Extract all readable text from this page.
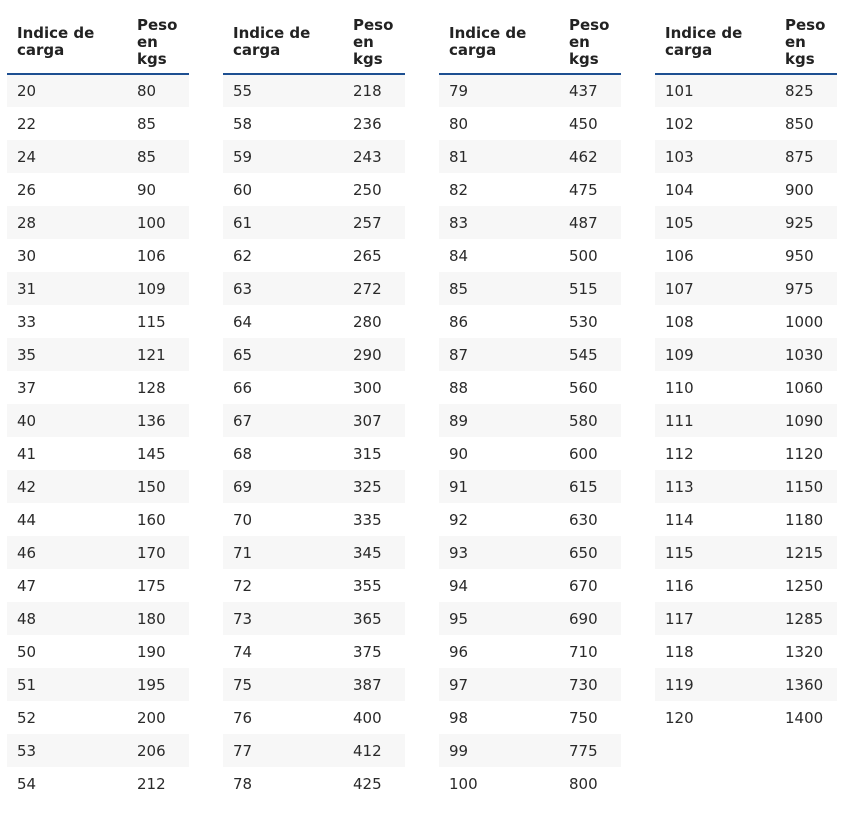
Indice de
carga	Peso
en
kgs
20	80
22	85
24	85
26	90
28	100
30	106
31	109
33	115
35	121
37	128
40	136
41	145
42	150
44	160
46	170
47	175
48	180
50	190
51	195
52	200
53	206
54	212
Indice de
carga	Peso
en
kgs
55	218
58	236
59	243
60	250
61	257
62	265
63	272
64	280
65	290
66	300
67	307
68	315
69	325
70	335
71	345
72	355
73	365
74	375
75	387
76	400
77	412
78	425
Indice de
carga	Peso
en
kgs
79	437
80	450
81	462
82	475
83	487
84	500
85	515
86	530
87	545
88	560
89	580
90	600
91	615
92	630
93	650
94	670
95	690
96	710
97	730
98	750
99	775
100	800
Indice de
carga	Peso
en
kgs
101	825
102	850
103	875
104	900
105	925
106	950
107	975
108	1000
109	1030
110	1060
111	1090
112	1120
113	1150
114	1180
115	1215
116	1250
117	1285
118	1320
119	1360
120	1400
